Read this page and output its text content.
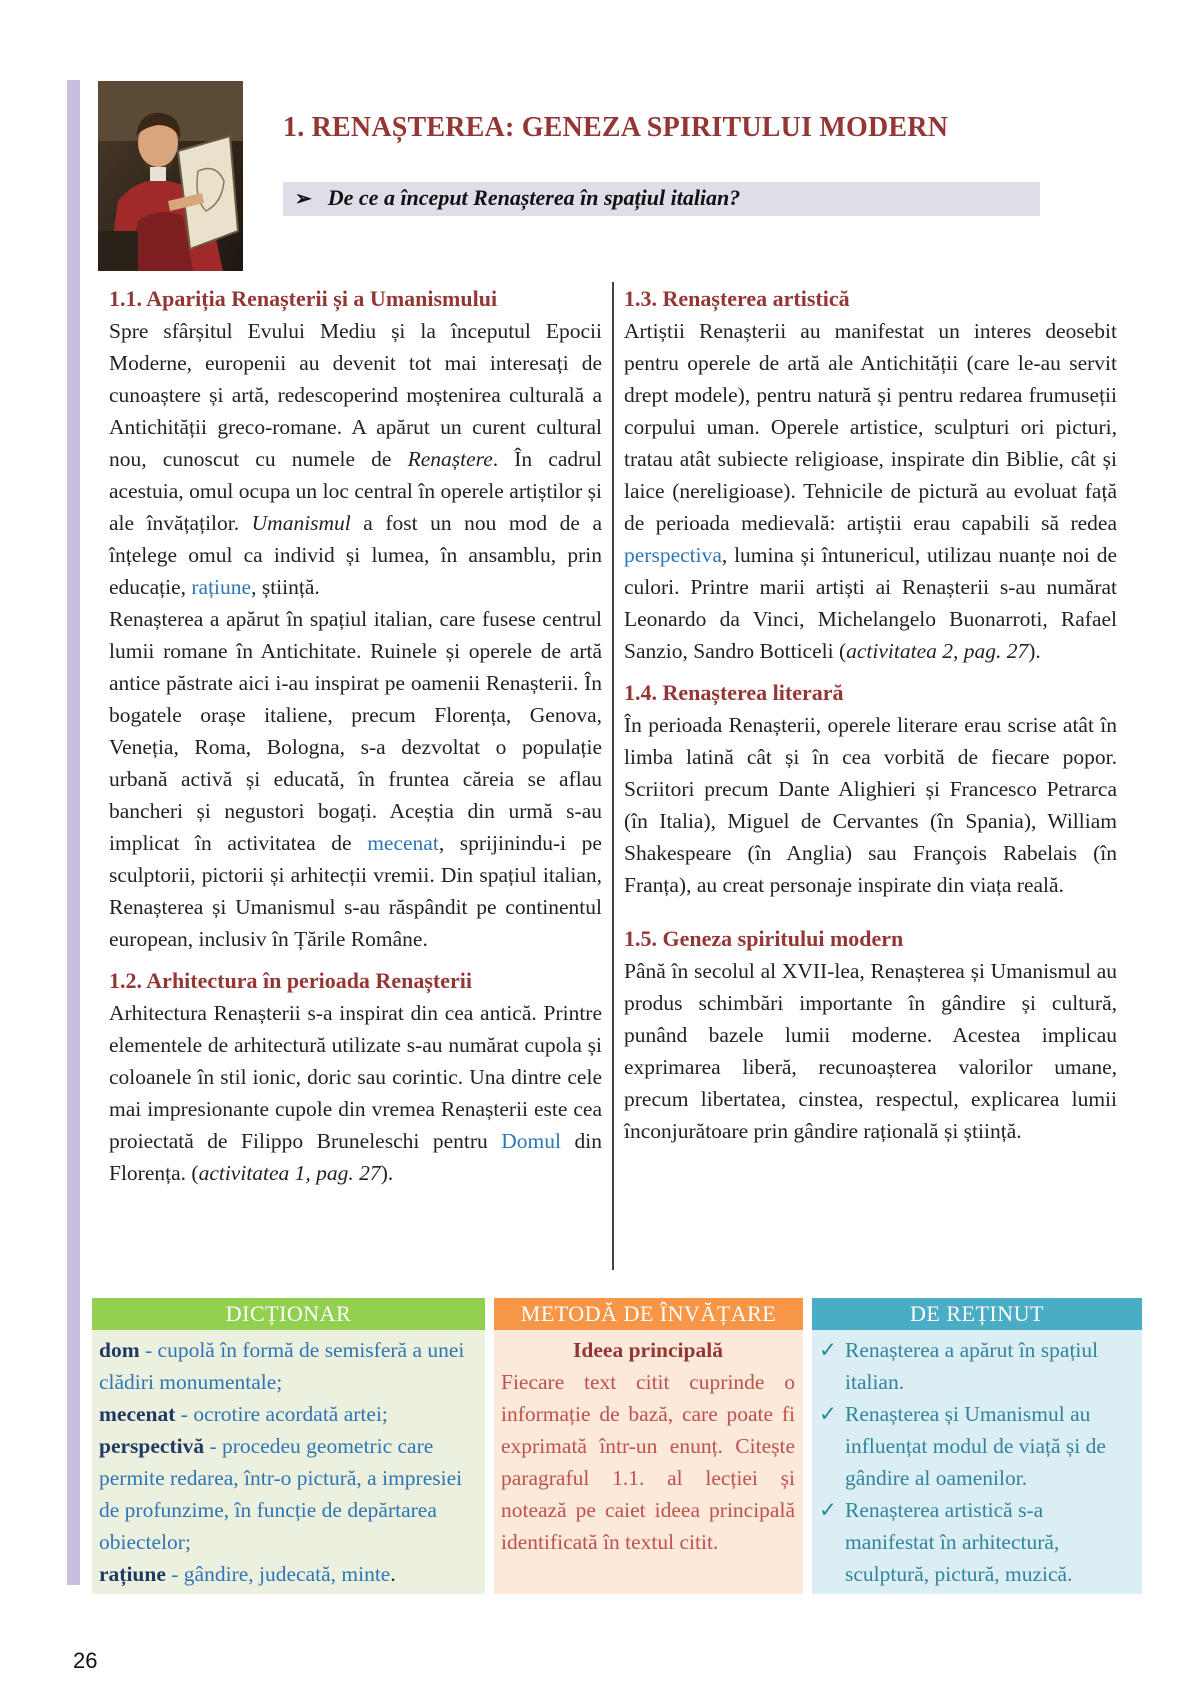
1. RENAȘTEREA: GENEZA SPIRITULUI MODERN
➢ De ce a început Renașterea în spațiul italian?
1.1. Apariția Renașterii și a Umanismului

Spre sfârșitul Evului Mediu și la începutul Epocii Moderne, europenii au devenit tot mai interesați de cunoaștere și artă, redescoperind moștenirea culturală a Antichității greco-romane. A apărut un curent cultural nou, cunoscut cu numele de Renaștere. În cadrul acestuia, omul ocupa un loc central în operele artiștilor și ale învățaților. Umanismul a fost un nou mod de a înțelege omul ca individ și lumea, în ansamblu, prin educație, rațiune, știință.

Renașterea a apărut în spațiul italian, care fusese centrul lumii romane în Antichitate. Ruinele și operele de artă antice păstrate aici i-au inspirat pe oamenii Renașterii. În bogatele orașe italiene, precum Florența, Genova, Veneția, Roma, Bologna, s-a dezvoltat o populație urbană activă și educată, în fruntea căreia se aflau bancheri și negustori bogați. Aceștia din urmă s-au implicat în activitatea de mecenat, sprijinindu-i pe sculptorii, pictorii și arhitecții vremii. Din spațiul italian, Renașterea și Umanismul s-au răspândit pe continentul european, inclusiv în Țările Române.

1.2. Arhitectura în perioada Renașterii

Arhitectura Renașterii s-a inspirat din cea antică. Printre elementele de arhitectură utilizate s-au numărat cupola și coloanele în stil ionic, doric sau corintic. Una dintre cele mai impresionante cupole din vremea Renașterii este cea proiectată de Filippo Bruneleschi pentru Domul din Florența. (activitatea 1, pag. 27).

1.3. Renașterea artistică

Artiștii Renașterii au manifestat un interes deosebit pentru operele de artă ale Antichității (care le-au servit drept modele), pentru natură și pentru redarea frumuseții corpului uman. Operele artistice, sculpturi ori picturi, tratau atât subiecte religioase, inspirate din Biblie, cât și laice (nereligioase). Tehnicile de pictură au evoluat față de perioada medievală: artiștii erau capabili să redea perspectiva, lumina și întunericul, utilizau nuanțe noi de culori. Printre marii artiști ai Renașterii s-au numărat Leonardo da Vinci, Michelangelo Buonarroti, Rafael Sanzio, Sandro Botticeli (activitatea 2, pag. 27).

1.4. Renașterea literară

În perioada Renașterii, operele literare erau scrise atât în limba latină cât și în cea vorbită de fiecare popor. Scriitori precum Dante Alighieri și Francesco Petrarca (în Italia), Miguel de Cervantes (în Spania), William Shakespeare (în Anglia) sau François Rabelais (în Franța), au creat personaje inspirate din viața reală.

1.5. Geneza spiritului modern

Până în secolul al XVII-lea, Renașterea și Umanismul au produs schimbări importante în gândire și cultură, punând bazele lumii moderne. Acestea implicau exprimarea liberă, recunoașterea valorilor umane, precum libertatea, cinstea, respectul, explicarea lumii înconjurătoare prin gândire rațională și știință.

DICȚIONAR
dom - cupolă în formă de semisferă a unei clădiri monumentale;
mecenat - ocrotire acordată artei;
perspectivă - procedeu geometric care permite redarea, într-o pictură, a impresiei de profunzime, în funcție de depărtarea obiectelor;
rațiune - gândire, judecată, minte.
METODĂ DE ÎNVĂȚARE
Ideea principală
Fiecare text citit cuprinde o informație de bază, care poate fi exprimată într-un enunț. Citește paragraful 1.1. al lecției și notează pe caiet ideea principală identificată în textul citit.
DE REȚINUT
✓ Renașterea a apărut în spațiul italian.
✓ Renașterea și Umanismul au influențat modul de viață și de gândire al oamenilor.
✓ Renașterea artistică s-a manifestat în arhitectură, sculptură, pictură, muzică.
26
